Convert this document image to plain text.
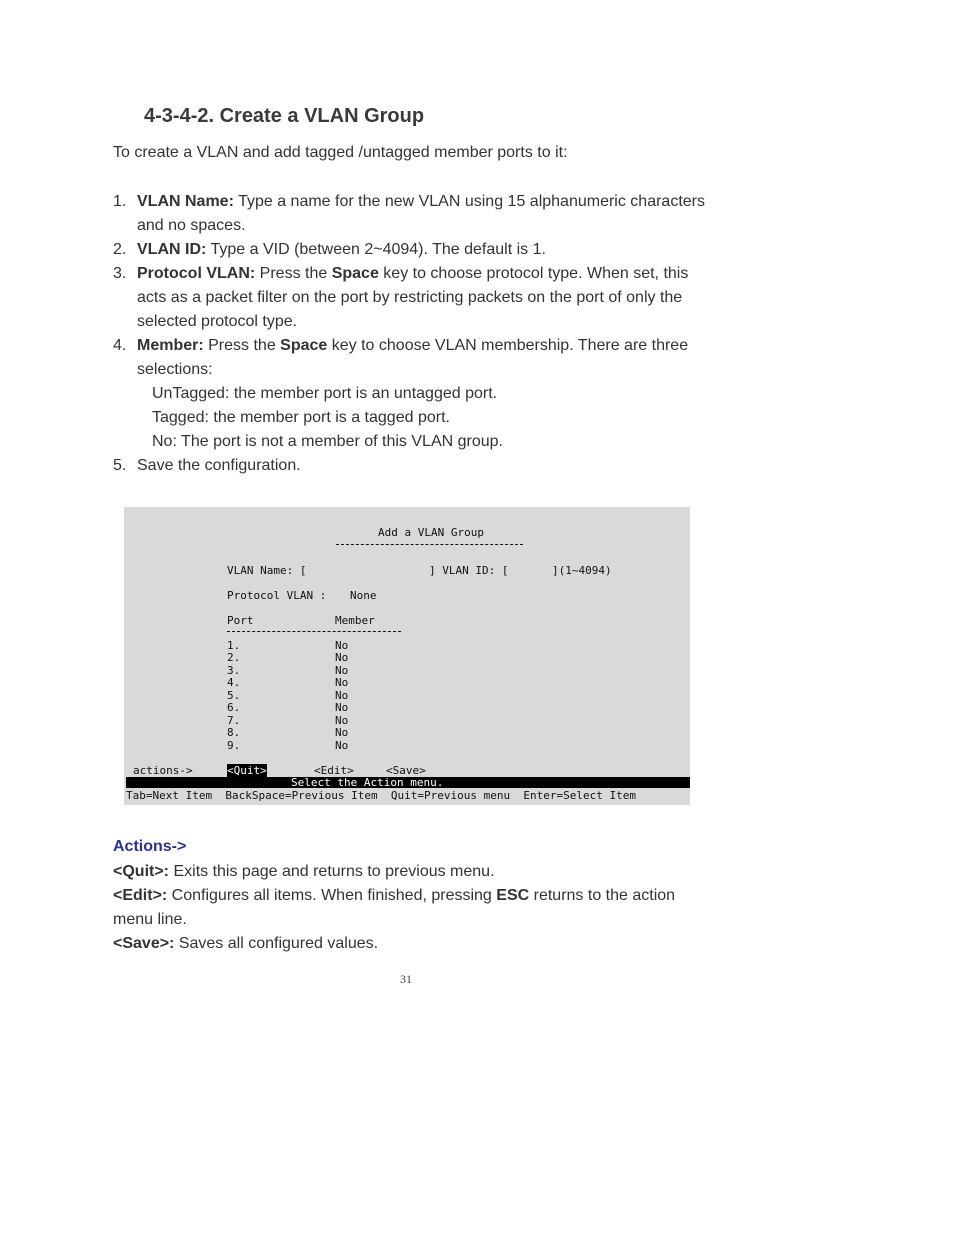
4-3-4-2. Create a VLAN Group
To create a VLAN and add tagged /untagged member ports to it:
1. VLAN Name: Type a name for the new VLAN using 15 alphanumeric characters and no spaces.
2. VLAN ID: Type a VID (between 2~4094). The default is 1.
3. Protocol VLAN: Press the Space key to choose protocol type. When set, this acts as a packet filter on the port by restricting packets on the port of only the selected protocol type.
4. Member: Press the Space key to choose VLAN membership. There are three selections:
UnTagged: the member port is an untagged port.
Tagged: the member port is a tagged port.
No: The port is not a member of this VLAN group.
5. Save the configuration.
Add a VLAN Group
VLAN Name: [	] VLAN ID: [	](1~4094)
Protocol VLAN : None
Port	Member
1.	No
2.	No
3.	No
4.	No
5.	No
6.	No
7.	No
8.	No
9.	No
actions->	<Quit>	<Edit>	<Save>
Select the Action menu.
Tab=Next Item  BackSpace=Previous Item  Quit=Previous menu  Enter=Select Item
Actions->
<Quit>: Exits this page and returns to previous menu.
<Edit>: Configures all items. When finished, pressing ESC returns to the action menu line.
<Save>: Saves all configured values.
31
